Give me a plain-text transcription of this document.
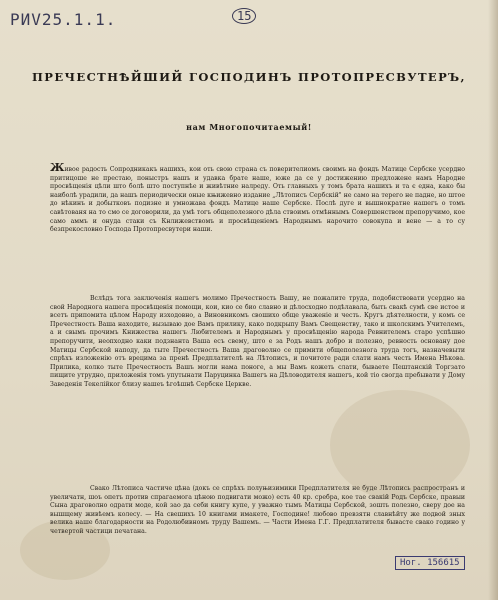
РИV25.1.1.	15
ПРЕЧЕСТНѢЙШИЙ ГОСПОДИНЪ ПРОТОПРЕСВУТЕРЪ,
нам Многопочитаемый!

Живое радость Сопродникакъ нашихъ, кои оть свою страна съ поверителиомъ своимъ на фондъ Матице Сербске усердно притицоше не престаю, поныстръ нашъ и удавка брате наше, юже да се у достижению предложене намъ Народне просвѣщенія цѣли што болѣ што поступнѣе и живѣтние налреду. Оть главныхъ у томъ брата нашихъ и та є една, како бы наиболѣ урадили, да нашъ периодически оные књижевно издание „Лѣтописъ Сербскій" не само на терего не падне, но штое до нѣкинъ и добытковъ подизне и умножава фондъ Матице наше Сербске. Послѣ дуге и вышнократне нашегъ о томъ савѣтованя на то смо се договорили, да умѣ тогъ общеполезного дѣла ствоимъ отмѣннымъ Совершенством препоручимо, кое само аммъ и онуда стаки съ Кнлижевствомъ и просвѣщеніемъ Народнымъ нарочито совокупа и вене — а то су безпрекословно Господа Протопресвутери наши.

Вслѣдъ тога заключенія нашегъ молимо Пречестность Вашу, не пожалите труда, подобиствовати усердно на свой Народнога нашега просвѣщенія помощи, кои, кио се био славно и дѣлосходно подѣлавала, быть свакѣ сумѣ све истое и всетъ припомита цѣлом Народу изходовно, а Виновникомъ свошихо обще уваженіе и честь. Кругъ дѣятелности, у комъ се Пречестность Ваша находите, вызываю дое Вамъ прилику, како подкрыпу Вамъ Свещенству, тако и школскимъ Учителемъ, а и свымъ прочимъ Книжества нашегъ Любителемъ и Народнымъ у просвѣщенію народа Ревнителемъ старо успѣшно препоручити, неопходно каки подзнанта Ваша есъ свему, што е за Родъ нашъ добро и полезно, ревность основану дое Матицы Сербской наподу, да тыте Пречестность Ваша драговолно се примити общеполезнога труда тогъ, назначевыти спрѣхъ изложенію отъ врецима за пренѣ Предплатителѣ на Лѣтописъ, и почитоте ради слати намъ честь Имена Нѣкова. Прилика, колко тыте Пречестность Вашъ могли нама поноге, а мы Вамъ кожеть слати, бываете Пештанскій Торгзато пищите утрудно, приложенія томъ упутынати Паруцинка Вашегъ на Дѣловодителя нашегъ, кой тіо свогда пребывати у Дому Заведенія Текелійког близу нашеъ ѣгоѣшнѣ Сербске Церкве.

Свако Лѣтописа частиче цѣна (докъ се спрѣхъ полуњизимики Предплатителя не буде Лѣтопись распространъ и увеличатн, шоъ опетъ против спрагаемога цѣною подвигати можо) есть 40 кр. сребра, кое тае свакій Родъ Сербске, правыи Сына драговолно одрати моде, кой зао да себи книгу купе, у уважно тымъ Матицы Сербской, зошть полезно, сверу дое на вышщему живѣемъ колесу. — На свешихъ 10 книгами имакете, Господине! любово превзятн славнѣйту же подвой зных велика наше благодарности на Родолюбивномъ труду Вашемъ. — Части Имена Г.Г. Предплатителя бывасте свако годино у четвертой частици печатана.

Ног. 156615
